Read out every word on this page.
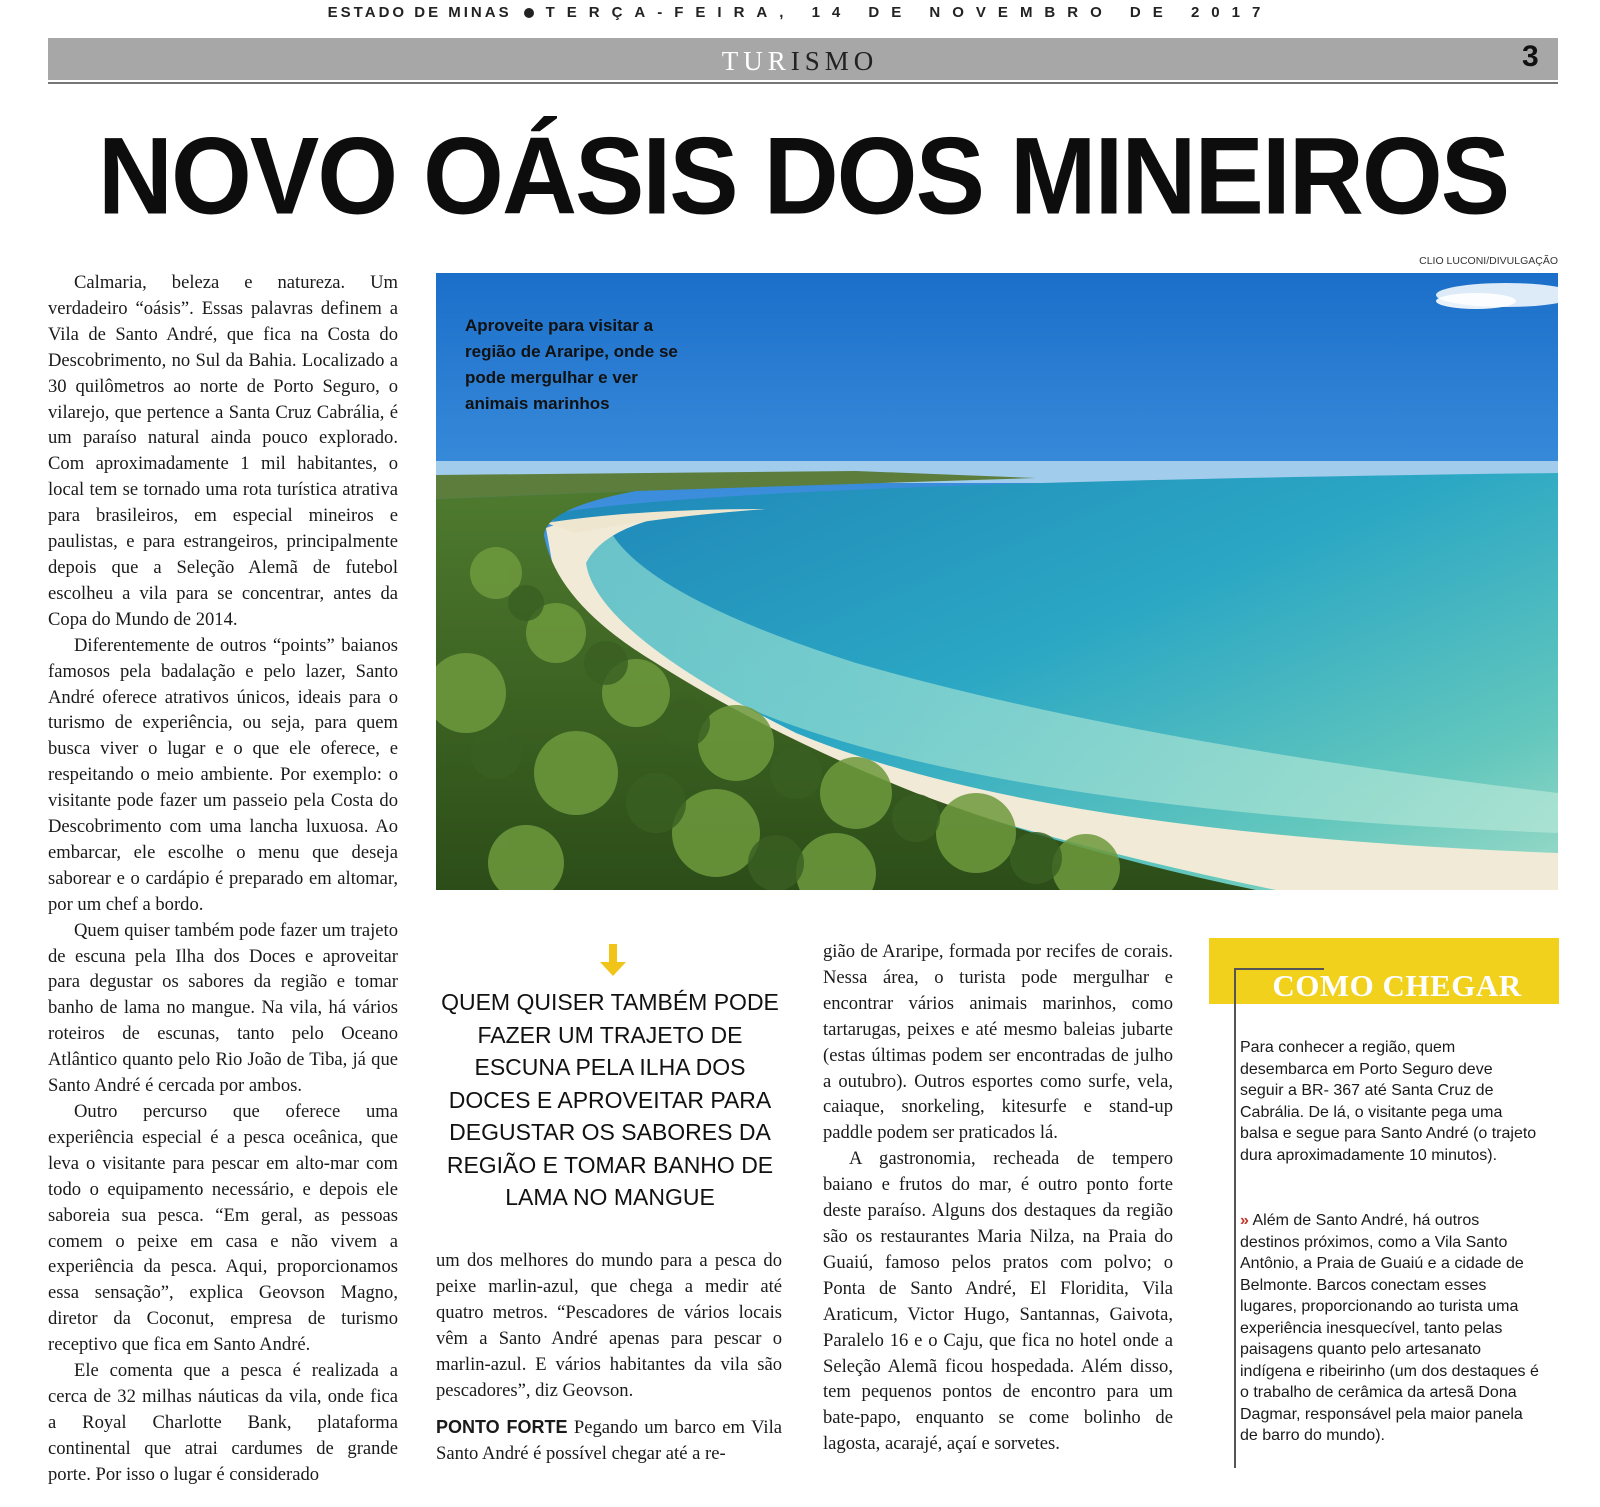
ESTADO DE MINAS TERÇA-FEIRA, 14 DE NOVEMBRO DE 2017
TURISMO	3
NOVO OÁSIS DOS MINEIROS
CLIO LUCONI/DIVULGAÇÃO
Aproveite para visitar a região de Araripe, onde se pode mergulhar e ver animais marinhos

Calmaria, beleza e natureza. Um verdadeiro “oásis”. Essas palavras definem a Vila de Santo André, que fica na Costa do Descobrimento, no Sul da Bahia. Localizado a 30 quilômetros ao norte de Porto Seguro, o vilarejo, que pertence a Santa Cruz Cabrália, é um paraíso natural ainda pouco explorado. Com aproximadamente 1 mil habitantes, o local tem se tornado uma rota turística atrativa para brasileiros, em especial mineiros e paulistas, e para estrangeiros, principalmente depois que a Seleção Alemã de futebol escolheu a vila para se concentrar, antes da Copa do Mundo de 2014.

Diferentemente de outros “points” baianos famosos pela badalação e pelo lazer, Santo André oferece atrativos únicos, ideais para o turismo de experiência, ou seja, para quem busca viver o lugar e o que ele oferece, e respeitando o meio ambiente. Por exemplo: o visitante pode fazer um passeio pela Costa do Descobrimento com uma lancha luxuosa. Ao embarcar, ele escolhe o menu que deseja saborear e o cardápio é preparado em altomar, por um chef a bordo.

Quem quiser também pode fazer um trajeto de escuna pela Ilha dos Doces e aproveitar para degustar os sabores da região e tomar banho de lama no mangue. Na vila, há vários roteiros de escunas, tanto pelo Oceano Atlântico quanto pelo Rio João de Tiba, já que Santo André é cercada por ambos.

Outro percurso que oferece uma experiência especial é a pesca oceânica, que leva o visitante para pescar em alto-mar com todo o equipamento necessário, e depois ele saboreia sua pesca. “Em geral, as pessoas comem o peixe em casa e não vivem a experiência da pesca. Aqui, proporcionamos essa sensação”, explica Geovson Magno, diretor da Coconut, empresa de turismo receptivo que fica em Santo André.

Ele comenta que a pesca é realizada a cerca de 32 milhas náuticas da vila, onde fica a Royal Charlotte Bank, plataforma continental que atrai cardumes de grande porte. Por isso o lugar é considerado

QUEM QUISER TAMBÉM PODE FAZER UM TRAJETO DE ESCUNA PELA ILHA DOS DOCES E APROVEITAR PARA DEGUSTAR OS SABORES DA REGIÃO E TOMAR BANHO DE LAMA NO MANGUE

um dos melhores do mundo para a pesca do peixe marlin-azul, que chega a medir até quatro metros. “Pescadores de vários locais vêm a Santo André apenas para pescar o marlin-azul. E vários habitantes da vila são pescadores”, diz Geovson.

PONTO FORTE Pegando um barco em Vila Santo André é possível chegar até a re-

gião de Araripe, formada por recifes de corais. Nessa área, o turista pode mergulhar e encontrar vários animais marinhos, como tartarugas, peixes e até mesmo baleias jubarte (estas últimas podem ser encontradas de julho a outubro). Outros esportes como surfe, vela, caiaque, snorkeling, kitesurfe e stand-up paddle podem ser praticados lá.

A gastronomia, recheada de tempero baiano e frutos do mar, é outro ponto forte deste paraíso. Alguns dos destaques da região são os restaurantes Maria Nilza, na Praia do Guaiú, famoso pelos pratos com polvo; o Ponta de Santo André, El Floridita, Vila Araticum, Victor Hugo, Santannas, Gaivota, Paralelo 16 e o Caju, que fica no hotel onde a Seleção Alemã ficou hospedada. Além disso, tem pequenos pontos de encontro para um bate-papo, enquanto se come bolinho de lagosta, acarajé, açaí e sorvetes.

COMO CHEGAR
Para conhecer a região, quem desembarca em Porto Seguro deve seguir a BR- 367 até Santa Cruz de Cabrália. De lá, o visitante pega uma balsa e segue para Santo André (o trajeto dura aproximadamente 10 minutos).
» Além de Santo André, há outros destinos próximos, como a Vila Santo Antônio, a Praia de Guaiú e a cidade de Belmonte. Barcos conectam esses lugares, proporcionando ao turista uma experiência inesquecível, tanto pelas paisagens quanto pelo artesanato indígena e ribeirinho (um dos destaques é o trabalho de cerâmica da artesã Dona Dagmar, responsável pela maior panela de barro do mundo).
